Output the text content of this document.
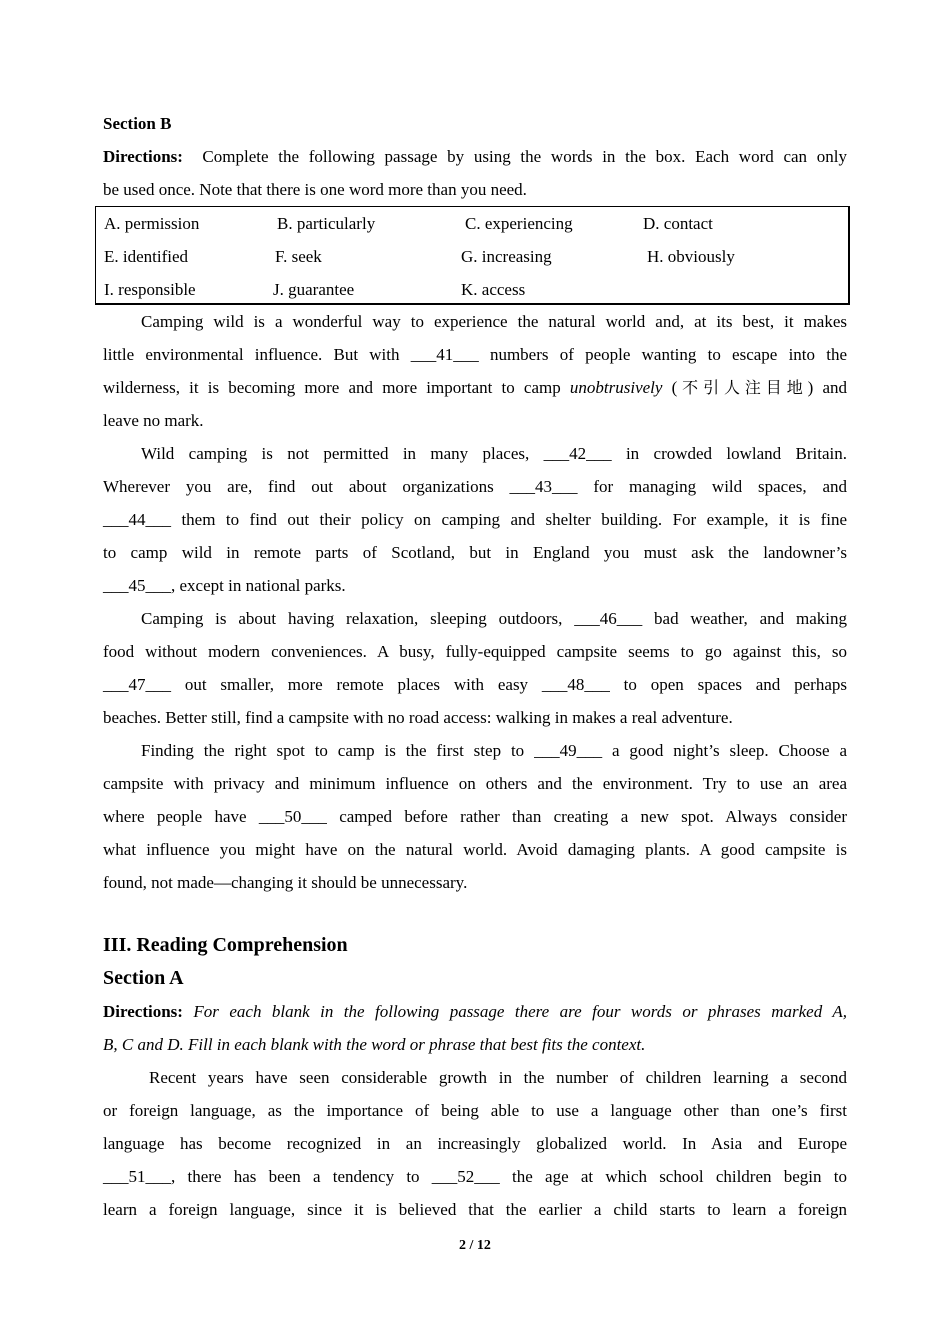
Section B
Directions: Complete the following passage by using the words in the box. Each word can only
be used once. Note that there is one word more than you need.
A. permission	B. particularly	C. experiencing	D. contact
E. identified	F. seek	G. increasing	H. obviously
I. responsible	J. guarantee	K. access
Camping wild is a wonderful way to experience the natural world and, at its best, it makes
little environmental influence. But with ___41___ numbers of people wanting to escape into the
wilderness, it is becoming more and more important to camp unobtrusively (不引人注目地) and
leave no mark.
Wild camping is not permitted in many places, ___42___ in crowded lowland Britain.
Wherever you are, find out about organizations ___43___ for managing wild spaces, and
___44___ them to find out their policy on camping and shelter building. For example, it is fine
to camp wild in remote parts of Scotland, but in England you must ask the landowner’s
___45___, except in national parks.
Camping is about having relaxation, sleeping outdoors, ___46___ bad weather, and making
food without modern conveniences. A busy, fully-equipped campsite seems to go against this, so
___47___ out smaller, more remote places with easy ___48___ to open spaces and perhaps
beaches. Better still, find a campsite with no road access: walking in makes a real adventure.
Finding the right spot to camp is the first step to ___49___ a good night’s sleep. Choose a
campsite with privacy and minimum influence on others and the environment. Try to use an area
where people have ___50___ camped before rather than creating a new spot. Always consider
what influence you might have on the natural world. Avoid damaging plants. A good campsite is
found, not made—changing it should be unnecessary.
III. Reading Comprehension
Section A
Directions: For each blank in the following passage there are four words or phrases marked A,
B, C and D. Fill in each blank with the word or phrase that best fits the context.
Recent years have seen considerable growth in the number of children learning a second
or foreign language, as the importance of being able to use a language other than one’s first
language has become recognized in an increasingly globalized world. In Asia and Europe
___51___, there has been a tendency to ___52___ the age at which school children begin to
learn a foreign language, since it is believed that the earlier a child starts to learn a foreign
2 / 12
